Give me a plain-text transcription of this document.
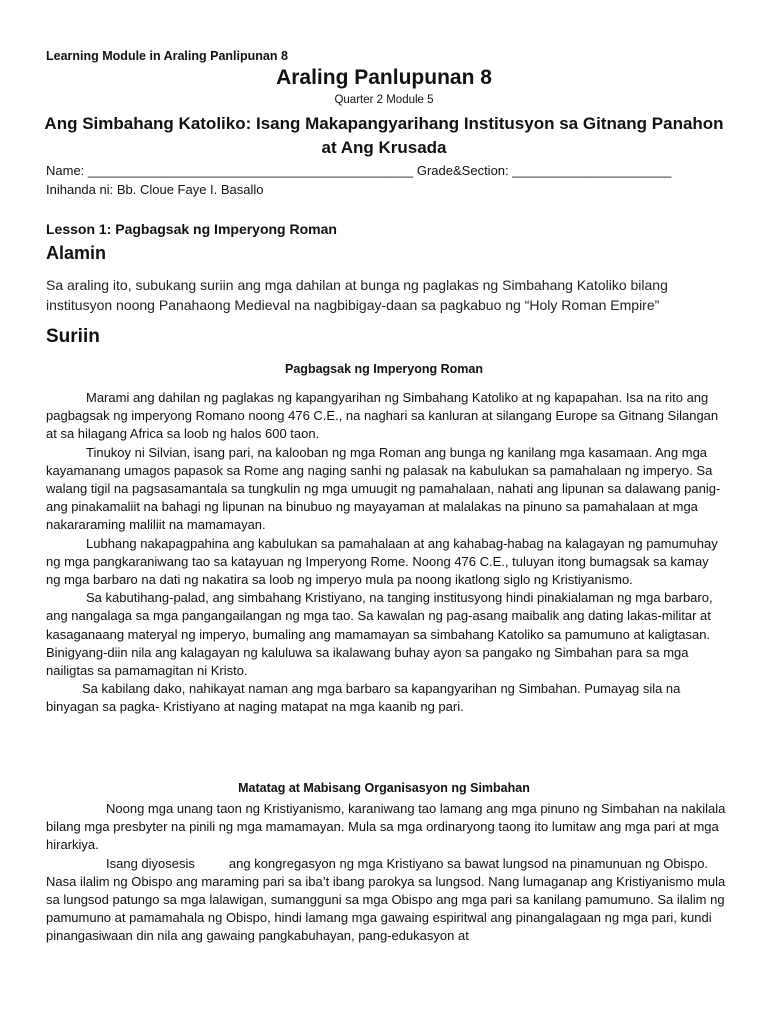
Learning Module in Araling Panlipunan 8
Araling Panlupunan 8
Quarter 2 Module 5
Ang Simbahang Katoliko: Isang Makapangyarihang Institusyon sa Gitnang Panahon at Ang Krusada
Name: _____________________________________________ Grade&Section: ______________________
Inihanda ni: Bb. Cloue Faye I. Basallo
Lesson 1: Pagbagsak ng Imperyong Roman
Alamin
Sa araling ito, subukang suriin ang mga dahilan at bunga ng paglakas ng Simbahang Katoliko bilang institusyon noong Panahaong Medieval na nagbibigay-daan sa pagkabuo ng “Holy Roman Empire”
Suriin
Pagbagsak ng Imperyong Roman

Marami ang dahilan ng paglakas ng kapangyarihan ng Simbahang Katoliko at ng kapapahan. Isa na rito ang pagbagsak ng imperyong Romano noong 476 C.E., na naghari sa kanluran at silangang Europe sa Gitnang Silangan at sa hilagang Africa sa loob ng halos 600 taon.

Tinukoy ni Silvian, isang pari, na kalooban ng mga Roman ang bunga ng kanilang mga kasamaan. Ang mga kayamanang umagos papasok sa Rome ang naging sanhi ng palasak na kabulukan sa pamahalaan ng imperyo. Sa walang tigil na pagsasamantala sa tungkulin ng mga umuugit ng pamahalaan, nahati ang lipunan sa dalawang panig- ang pinakamaliit na bahagi ng lipunan na binubuo ng mayayaman at malalakas na pinuno sa pamahalaan at mga nakararaming maliliit na mamamayan.

Lubhang nakapagpahina ang kabulukan sa pamahalaan at ang kahabag-habag na kalagayan ng pamumuhay ng mga pangkaraniwang tao sa katayuan ng Imperyong Rome. Noong 476 C.E., tuluyan itong bumagsak sa kamay ng mga barbaro na dati ng nakatira sa loob ng imperyo mula pa noong ikatlong siglo ng Kristiyanismo.

Sa kabutihang-palad, ang simbahang Kristiyano, na tanging institusyong hindi pinakialaman ng mga barbaro, ang nangalaga sa mga pangangailangan ng mga tao. Sa kawalan ng pag-asang maibalik ang dating lakas-militar at kasaganaang materyal ng imperyo, bumaling ang mamamayan sa simbahang Katoliko sa pamumuno at kaligtasan. Binigyang-diin nila ang kalagayan ng kaluluwa sa ikalawang buhay ayon sa pangako ng Simbahan para sa mga nailigtas sa pamamagitan ni Kristo.

Sa kabilang dako, nahikayat naman ang mga barbaro sa kapangyarihan ng Simbahan. Pumayag sila na binyagan sa pagka- Kristiyano at naging matapat na mga kaanib ng pari.

Matatag at Mabisang Organisasyon ng Simbahan

Noong mga unang taon ng Kristiyanismo, karaniwang tao lamang ang mga pinuno ng Simbahan na nakilala bilang mga presbyter na pinili ng mga mamamayan. Mula sa mga ordinaryong taong ito lumitaw ang mga pari at mga hirarkiya.

Isang diyosesis	ang kongregasyon ng mga Kristiyano sa bawat lungsod na pinamunuan ng Obispo. Nasa ilalim ng Obispo ang maraming pari sa iba’t ibang parokya sa lungsod. Nang lumaganap ang Kristiyanismo mula sa lungsod patungo sa mga lalawigan, sumangguni sa mga Obispo ang mga pari sa kanilang pamumuno. Sa ilalim ng pamumuno at pamamahala ng Obispo, hindi lamang mga gawaing espiritwal ang pinangalagaan ng mga pari, kundi pinangasiwaan din nila ang gawaing pangkabuhayan, pang-edukasyon at
